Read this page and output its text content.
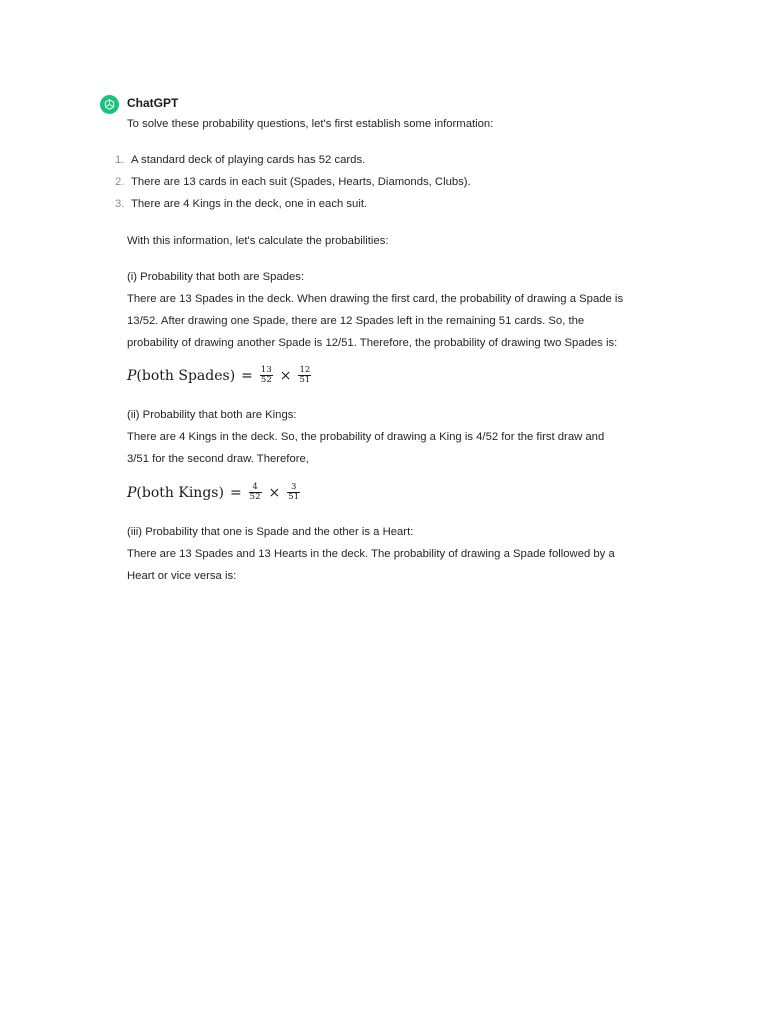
ChatGPT
To solve these probability questions, let's first establish some information:
1. A standard deck of playing cards has 52 cards.
2. There are 13 cards in each suit (Spades, Hearts, Diamonds, Clubs).
3. There are 4 Kings in the deck, one in each suit.
With this information, let's calculate the probabilities:
(i) Probability that both are Spades:
There are 13 Spades in the deck. When drawing the first card, the probability of drawing a Spade is
13/52. After drawing one Spade, there are 12 Spades left in the remaining 51 cards. So, the
probability of drawing another Spade is 12/51. Therefore, the probability of drawing two Spades is:
P (both Spades) = $\frac{13}{52} \times \frac{12}{51}$
(ii) Probability that both are Kings:
There are 4 Kings in the deck. So, the probability of drawing a King is 4/52 for the first draw and
3/51 for the second draw. Therefore,
P (both Kings) = $\frac{4}{52} \times \frac{3}{51}$
(iii) Probability that one is Spade and the other is a Heart:
There are 13 Spades and 13 Hearts in the deck. The probability of drawing a Spade followed by a
Heart or vice versa is:
